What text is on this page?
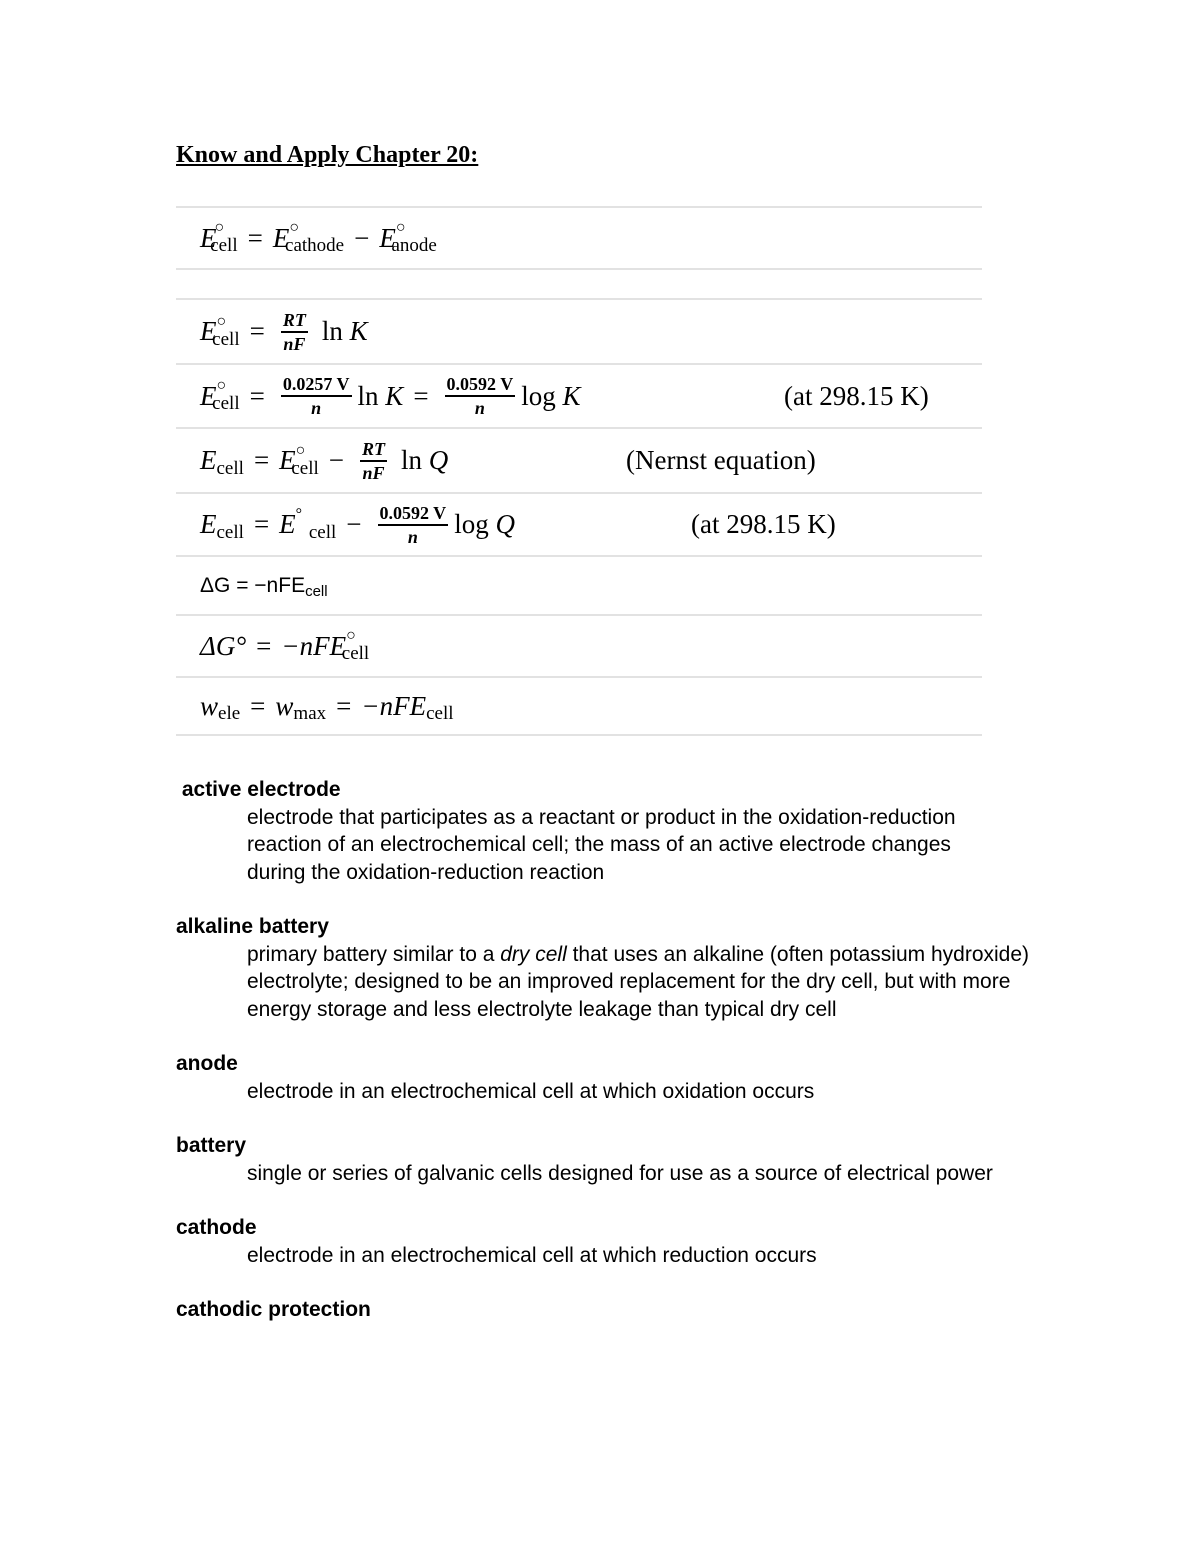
Know and Apply Chapter 20:
E
○
cell = E ○
cathode − E ○
anode
E ○
cell = $\frac{RT}{nF}$ ln
K
E ○
cell = $\frac{0.0257 V}{n}$ ln
$K = \frac{0.0592 V}{n}$ log
K	(at 298.15 K)
E cell = E ○
cell − $\frac{RT}{nF}$ ln
Q	(Nernst equation)
E cell = E °

cell − $\frac{0.0592 V}{n}$ log
Q	(at 298.15 K)
ΔG = −nFE cell
ΔG° = −nFE ○
cell
w ele = w max = −nFE cell
active electrode
electrode that participates as a reactant or product in the oxidation-reduction reaction of an electrochemical cell; the mass of an active electrode changes during the oxidation-reduction reaction
alkaline battery
primary battery similar to a dry cell that uses an alkaline (often potassium hydroxide) electrolyte; designed to be an improved replacement for the dry cell, but with more energy storage and less electrolyte leakage than typical dry cell
anode
electrode in an electrochemical cell at which oxidation occurs
battery
single or series of galvanic cells designed for use as a source of electrical power
cathode
electrode in an electrochemical cell at which reduction occurs
cathodic protection
